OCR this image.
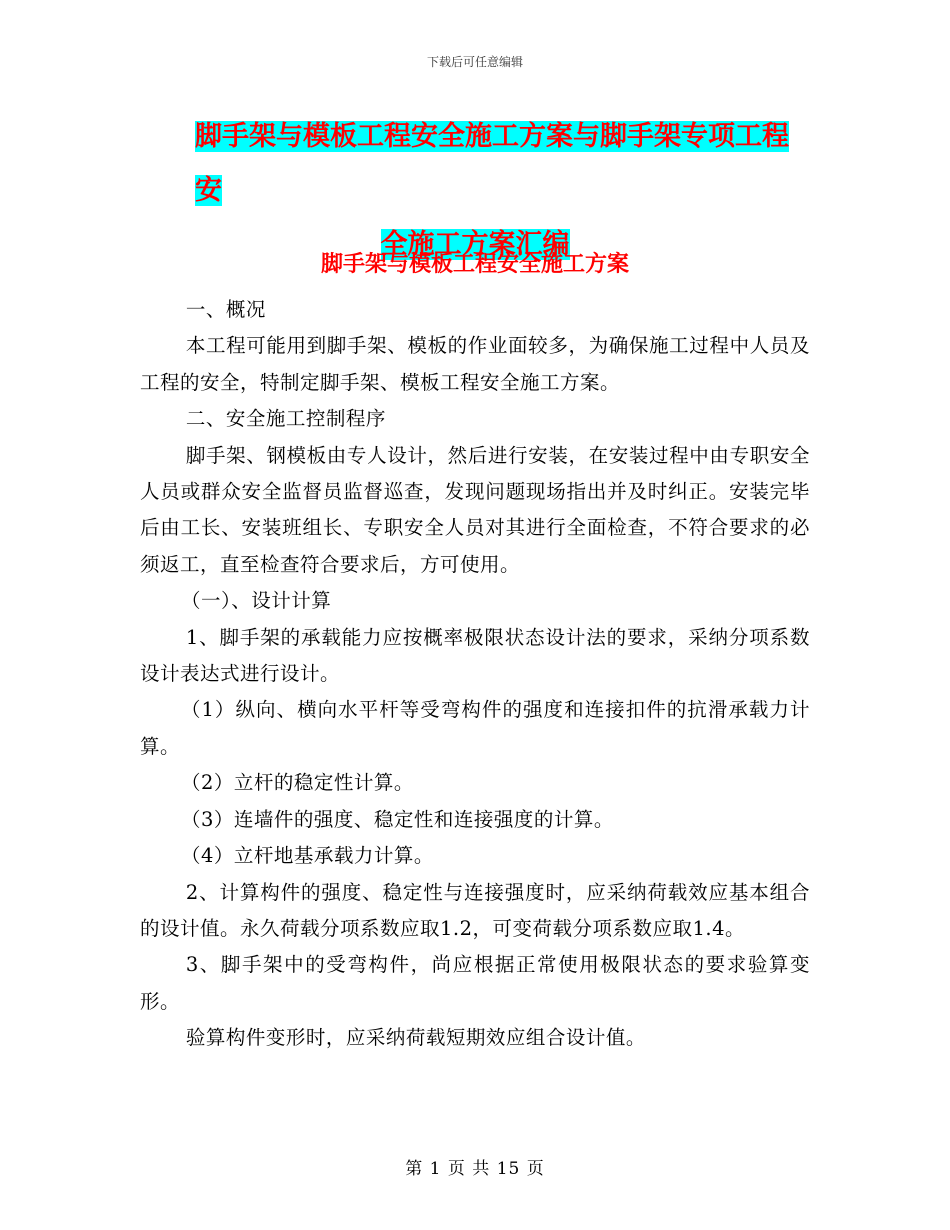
下载后可任意编辑
脚手架与模板工程安全施工方案与脚手架专项工程安
全施工方案汇编
脚手架与模板工程安全施工方案

一、概况

本工程可能用到脚手架、模板的作业面较多，为确保施工过程中人员及工程的安全，特制定脚手架、模板工程安全施工方案。

二、安全施工控制程序

脚手架、钢模板由专人设计，然后进行安装，在安装过程中由专职安全人员或群众安全监督员监督巡查，发现问题现场指出并及时纠正。安装完毕后由工长、安装班组长、专职安全人员对其进行全面检查，不符合要求的必须返工，直至检查符合要求后，方可使用。

（一）、设计计算

1、脚手架的承载能力应按概率极限状态设计法的要求，采纳分项系数设计表达式进行设计。

（1）纵向、横向水平杆等受弯构件的强度和连接扣件的抗滑承载力计算。

（2）立杆的稳定性计算。

（3）连墙件的强度、稳定性和连接强度的计算。

（4）立杆地基承载力计算。

2、计算构件的强度、稳定性与连接强度时，应采纳荷载效应基本组合的设计值。永久荷载分项系数应取1.2，可变荷载分项系数应取1.4。

3、脚手架中的受弯构件，尚应根据正常使用极限状态的要求验算变形。

验算构件变形时，应采纳荷载短期效应组合设计值。

第 1 页 共 15 页
